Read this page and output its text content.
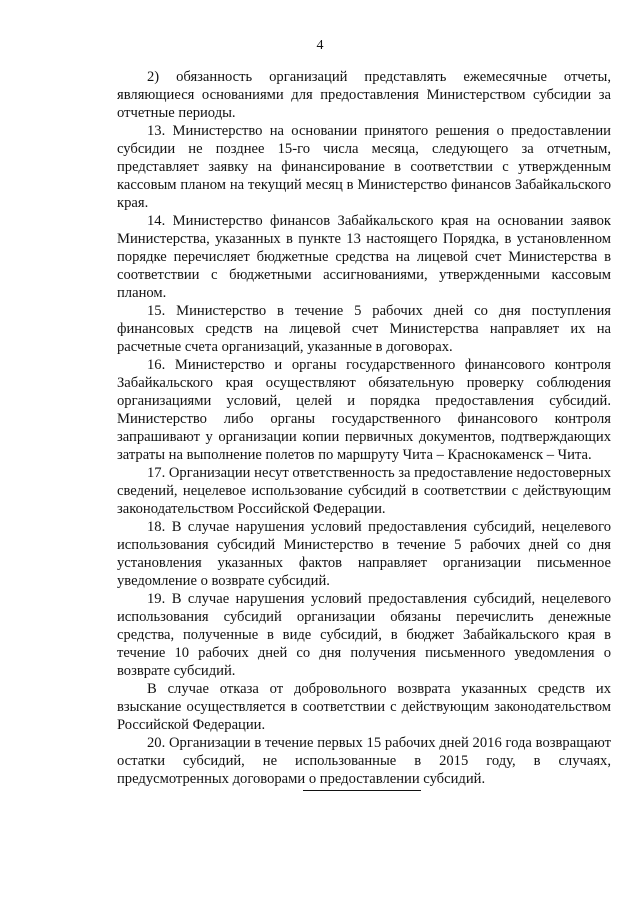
4

2) обязанность организаций представлять ежемесячные отчеты, являющиеся основаниями для предоставления Министерством субсидии за отчетные периоды.

13. Министерство на основании принятого решения о предоставлении субсидии не позднее 15-го числа месяца, следующего за отчетным, представляет заявку на финансирование в соответствии с утвержденным кассовым планом на текущий месяц в Министерство финансов Забайкальского края.

14. Министерство финансов Забайкальского края на основании заявок Министерства, указанных в пункте 13 настоящего Порядка, в установленном порядке перечисляет бюджетные средства на лицевой счет Министерства в соответствии с бюджетными ассигнованиями, утвержденными кассовым планом.

15. Министерство в течение 5 рабочих дней со дня поступления финансовых средств на лицевой счет Министерства направляет их на расчетные счета организаций, указанные в договорах.

16. Министерство и органы государственного финансового контроля Забайкальского края осуществляют обязательную проверку соблюдения организациями условий, целей и порядка предоставления субсидий. Министерство либо органы государственного финансового контроля запрашивают у организации копии первичных документов, подтверждающих затраты на выполнение полетов по маршруту Чита – Краснокаменск – Чита.

17. Организации несут ответственность за предоставление недостоверных сведений, нецелевое использование субсидий в соответствии с действующим законодательством Российской Федерации.

18. В случае нарушения условий предоставления субсидий, нецелевого использования субсидий Министерство в течение 5 рабочих дней со дня установления указанных фактов направляет организации письменное уведомление о возврате субсидий.

19. В случае нарушения условий предоставления субсидий, нецелевого использования субсидий организации обязаны перечислить денежные средства, полученные в виде субсидий, в бюджет Забайкальского края в течение 10 рабочих дней со дня получения письменного уведомления о возврате субсидий.

В случае отказа от добровольного возврата указанных средств их взыскание осуществляется в соответствии с действующим законодательством Российской Федерации.

20. Организации в течение первых 15 рабочих дней 2016 года возвращают остатки субсидий, не использованные в 2015 году, в случаях, предусмотренных договорами о предоставлении субсидий.
